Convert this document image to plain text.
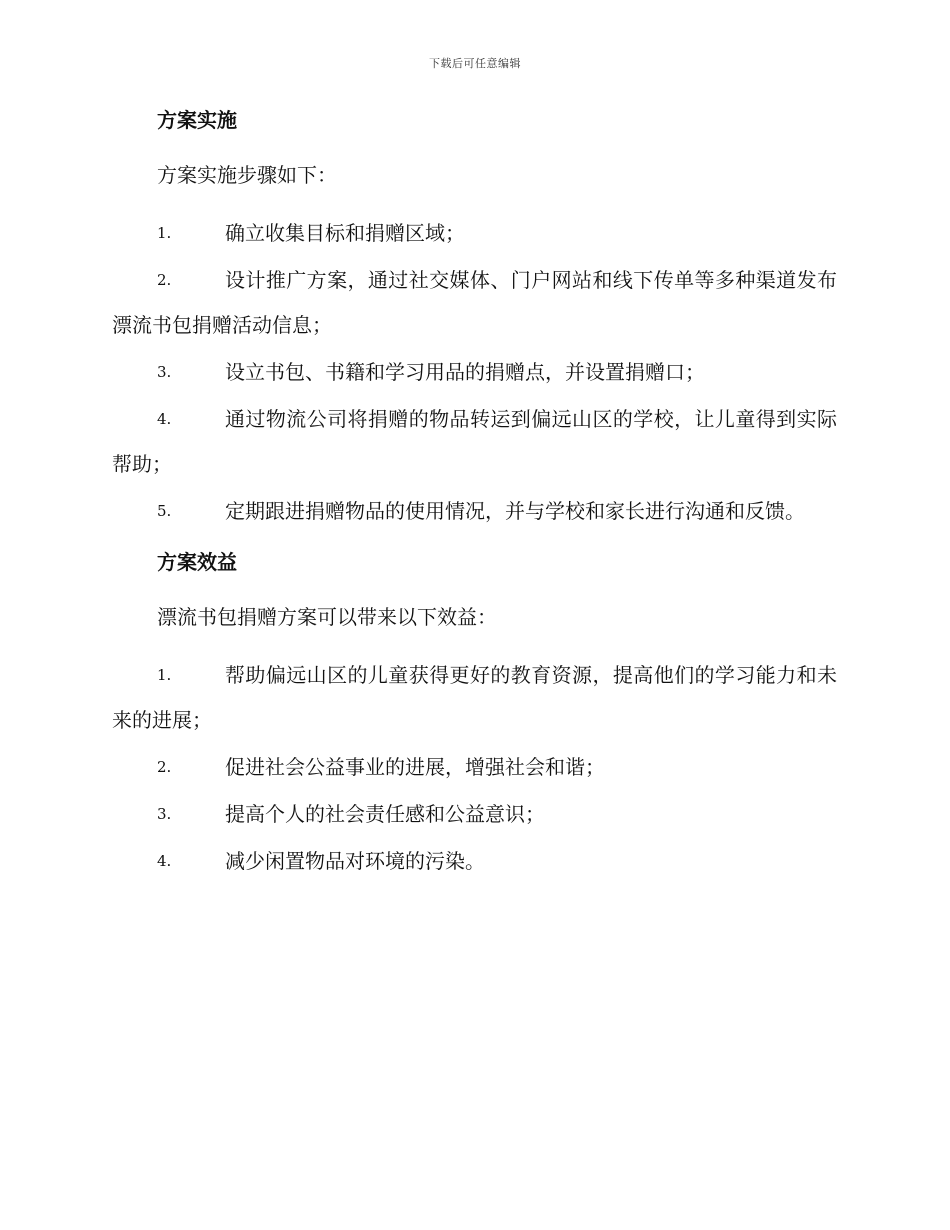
下载后可任意编辑
方案实施

方案实施步骤如下：

1.	确立收集目标和捐赠区域；
2.	设计推广方案，通过社交媒体、门户网站和线下传单等多种渠道发布漂流书包捐赠活动信息；
3.	设立书包、书籍和学习用品的捐赠点，并设置捐赠口；
4.	通过物流公司将捐赠的物品转运到偏远山区的学校，让儿童得到实际帮助；
5.	定期跟进捐赠物品的使用情况，并与学校和家长进行沟通和反馈。
方案效益

漂流书包捐赠方案可以带来以下效益：

1.	帮助偏远山区的儿童获得更好的教育资源，提高他们的学习能力和未来的进展；
2.	促进社会公益事业的进展，增强社会和谐；
3.	提高个人的社会责任感和公益意识；
4.	减少闲置物品对环境的污染。
